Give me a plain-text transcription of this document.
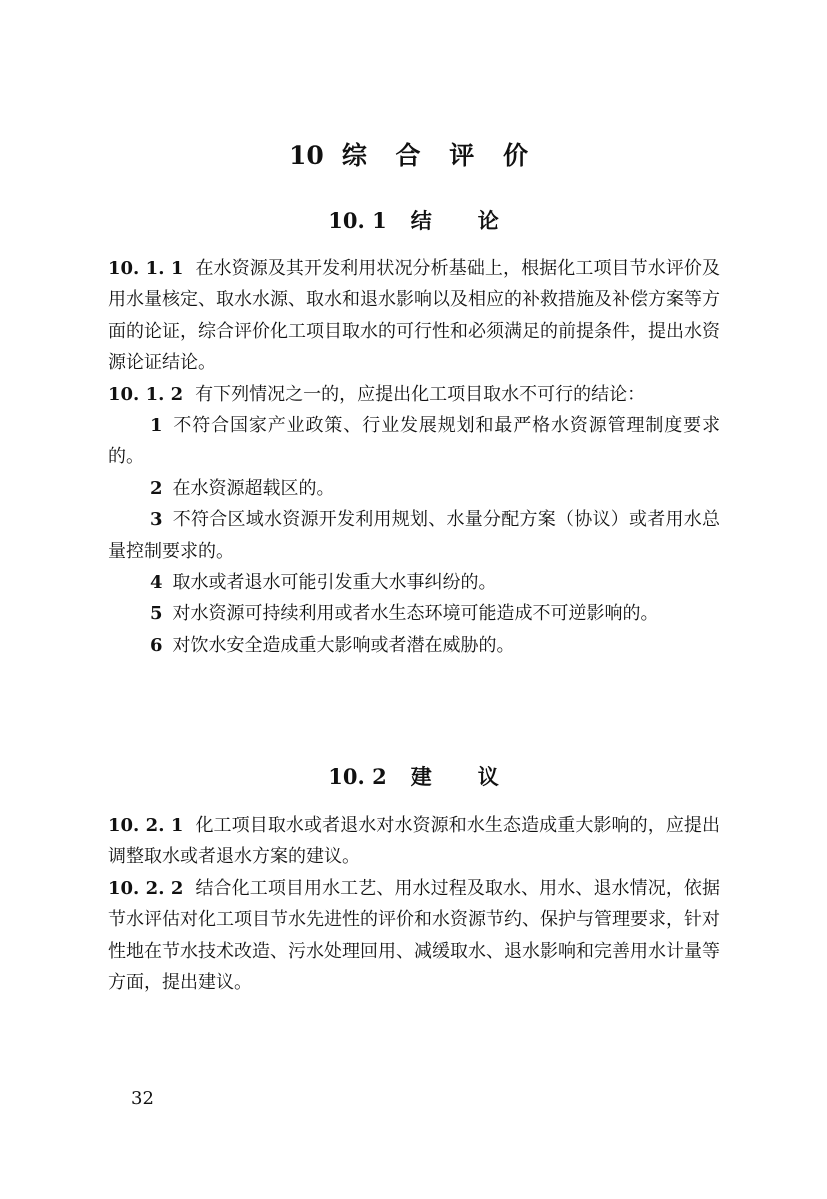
10 综 合 评 价
10. 1 结论

10. 1. 1 在水资源及其开发利用状况分析基础上，根据化工项目节水评价及用水量核定、取水水源、取水和退水影响以及相应的补救措施及补偿方案等方面的论证，综合评价化工项目取水的可行性和必须满足的前提条件，提出水资源论证结论。

10. 1. 2 有下列情况之一的，应提出化工项目取水不可行的结论：

1 不符合国家产业政策、行业发展规划和最严格水资源管理制度要求的。

2 在水资源超载区的。

3 不符合区域水资源开发利用规划、水量分配方案（协议）或者用水总量控制要求的。

4 取水或者退水可能引发重大水事纠纷的。

5 对水资源可持续利用或者水生态环境可能造成不可逆影响的。

6 对饮水安全造成重大影响或者潜在威胁的。

10. 2 建议

10. 2. 1 化工项目取水或者退水对水资源和水生态造成重大影响的，应提出调整取水或者退水方案的建议。

10. 2. 2 结合化工项目用水工艺、用水过程及取水、用水、退水情况，依据节水评估对化工项目节水先进性的评价和水资源节约、保护与管理要求，针对性地在节水技术改造、污水处理回用、减缓取水、退水影响和完善用水计量等方面，提出建议。

32
